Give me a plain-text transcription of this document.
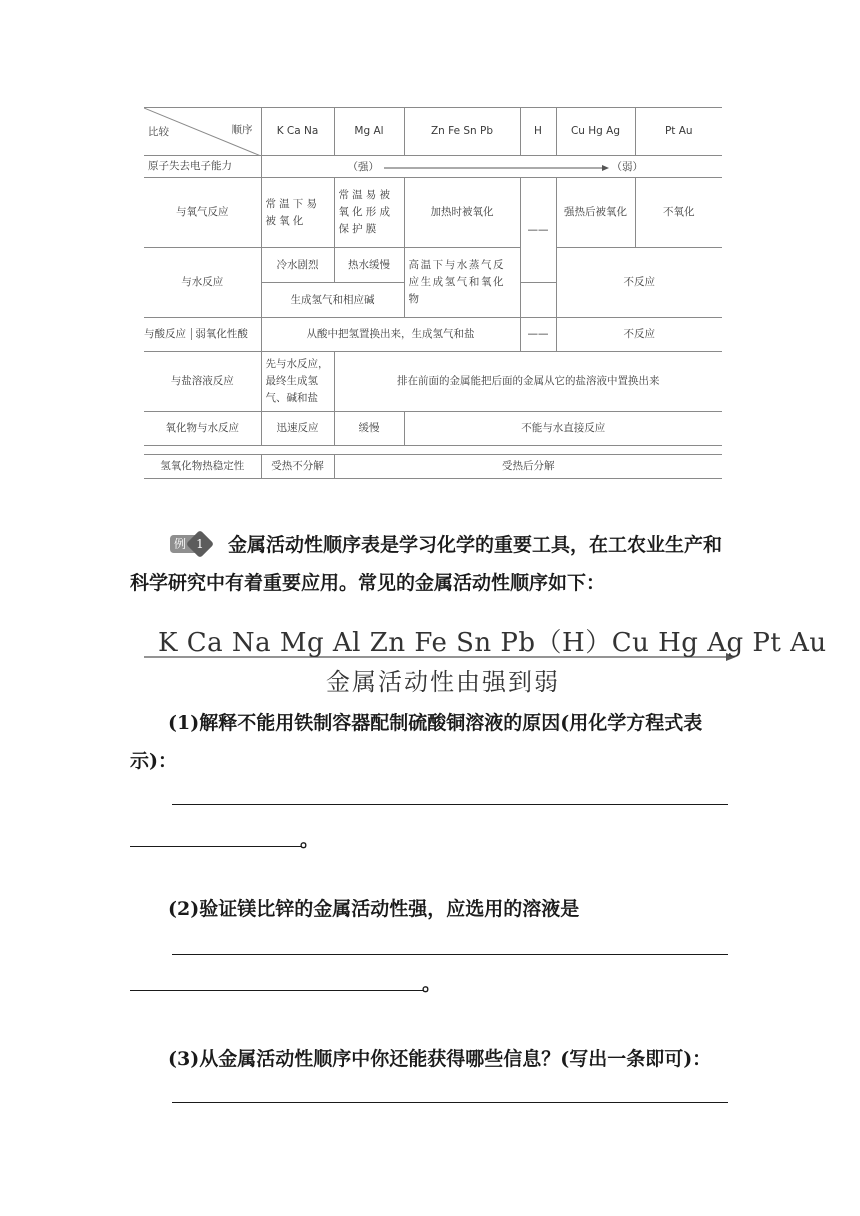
比较 顺序	K Ca Na	Mg Al	Zn Fe Sn Pb	H	Cu Hg Ag	Pt Au
原子失去电子能力	（强） （弱）					

与氧气反应	常温下易被氧化	常温易被氧化形成保护膜	加热时被氧化	——	强热后被氧化	不氧化
与水反应	冷水剧烈	热水缓慢	高温下与水蒸气反应生成氢气和氧化物		不反应	
	生成氢气和相应碱					
与酸反应 弱氧化性酸	从酸中把氢置换出来，生成氢气和盐			——	不反应	
与盐溶液反应	先与水反应，最终生成氢气、碱和盐	排在前面的金属能把后面的金属从它的盐溶液中置换出来				
氧化物与水反应	迅速反应	缓慢	不能与水直接反应			
氢氧化物热稳定性	受热不分解	受热后分解
例 1	金属活动性顺序表是学习化学的重要工具，在工农业生产和科学研究中有着重要应用。常见的金属活动性顺序如下：
K Ca Na Mg Al Zn Fe Sn Pb（H）Cu Hg Ag Pt Au
金属活动性由强到弱
(1)解释不能用铁制容器配制硫酸铜溶液的原因(用化学方程式表示)：
。
(2)验证镁比锌的金属活动性强，应选用的溶液是
。
(3)从金属活动性顺序中你还能获得哪些信息？(写出一条即可)：
